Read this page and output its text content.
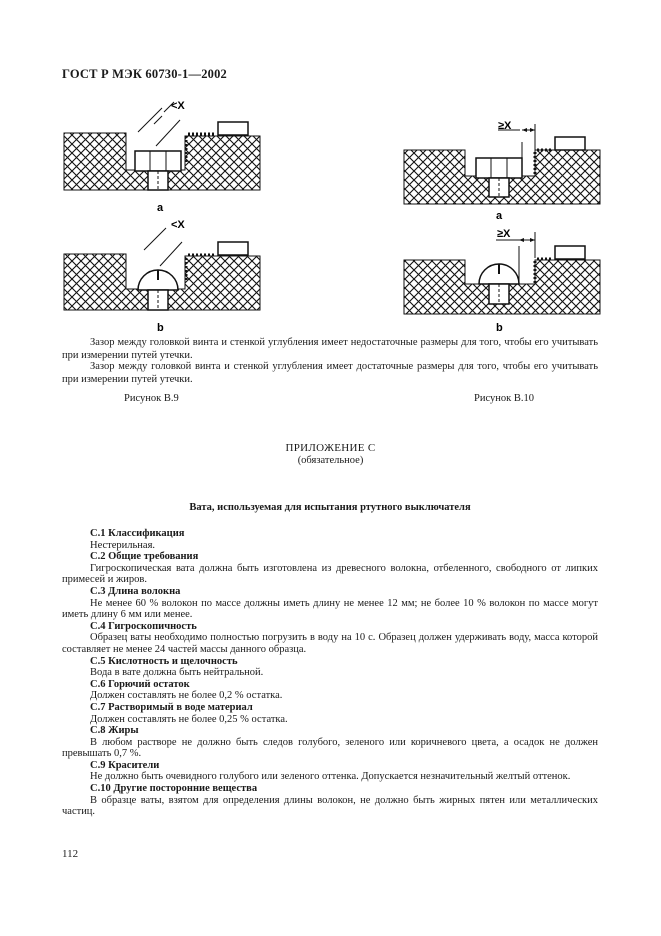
ГОСТ Р МЭК 60730-1—2002
<X
<X
≥X
≥X
a
b
a
b
Зазор между головкой винта и стенкой углубления имеет недостаточные размеры для того, чтобы его учитывать при измерении путей утечки.
Зазор между головкой винта и стенкой углубления имеет достаточные размеры для того, чтобы его учитывать при измерении путей утечки.
Рисунок В.9	Рисунок В.10
ПРИЛОЖЕНИЕ С
(обязательное)
Вата, используемая для испытания ртутного выключателя

С.1 Классификация

Нестерильная.

С.2 Общие требования

Гигроскопическая вата должна быть изготовлена из древесного волокна, отбеленного, свободного от липких примесей и жиров.

С.3 Длина волокна

Не менее 60 % волокон по массе должны иметь длину не менее 12 мм; не более 10 % волокон по массе могут иметь длину 6 мм или менее.

С.4 Гигроскопичность

Образец ваты необходимо полностью погрузить в воду на 10 с. Образец должен удерживать воду, масса которой составляет не менее 24 частей массы данного образца.

С.5 Кислотность и щелочность

Вода в вате должна быть нейтральной.

С.6 Горючий остаток

Должен составлять не более 0,2 % остатка.

С.7 Растворимый в воде материал

Должен составлять не более 0,25 % остатка.

С.8 Жиры

В любом растворе не должно быть следов голубого, зеленого или коричневого цвета, а осадок не должен превышать 0,7 %.

С.9 Красители

Не должно быть очевидного голубого или зеленого оттенка. Допускается незначительный желтый оттенок.

С.10 Другие посторонние вещества

В образце ваты, взятом для определения длины волокон, не должно быть жирных пятен или металлических частиц.

112
